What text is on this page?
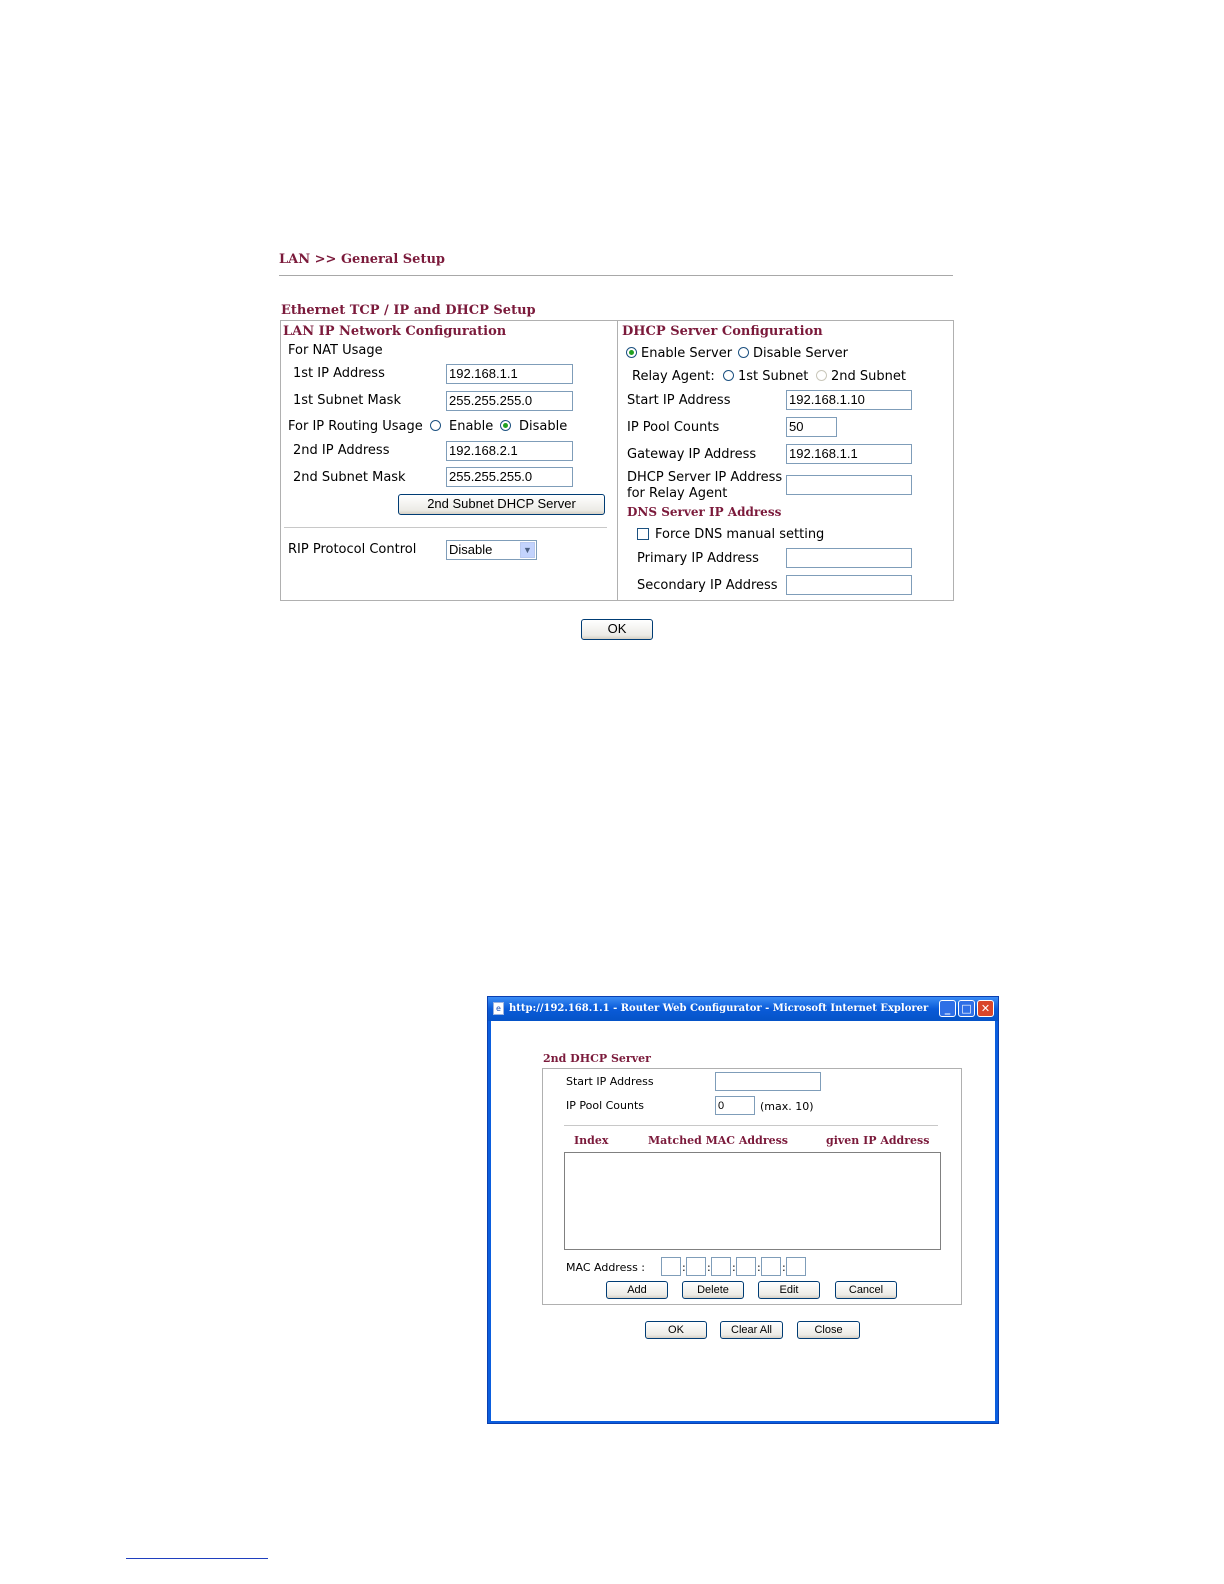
LAN >> General Setup
Ethernet TCP / IP and DHCP Setup
LAN IP Network Configuration
For NAT Usage
1st IP Address	192.168.1.1
1st Subnet Mask	255.255.255.0
For IP Routing Usage Enable Disable
2nd IP Address	192.168.2.1
2nd Subnet Mask	255.255.255.0
2nd Subnet DHCP Server
RIP Protocol Control	Disable	▼
DHCP Server Configuration
Enable Server Disable Server
Relay Agent: 1st Subnet 2nd Subnet
Start IP Address	192.168.1.10
IP Pool Counts	50
Gateway IP Address	192.168.1.1
DHCP Server IP Address
for Relay Agent
DNS Server IP Address
Force DNS manual setting
Primary IP Address
Secondary IP Address
OK
e http://192.168.1.1 - Router Web Configurator - Microsoft Internet Explorer	_	□ ✕
2nd DHCP Server
Start IP Address
IP Pool Counts	0	(max. 10)
Index	Matched MAC Address	given IP Address
MAC Address :	: : : : :
Add	Delete	Edit	Cancel
OK	Clear All	Close
